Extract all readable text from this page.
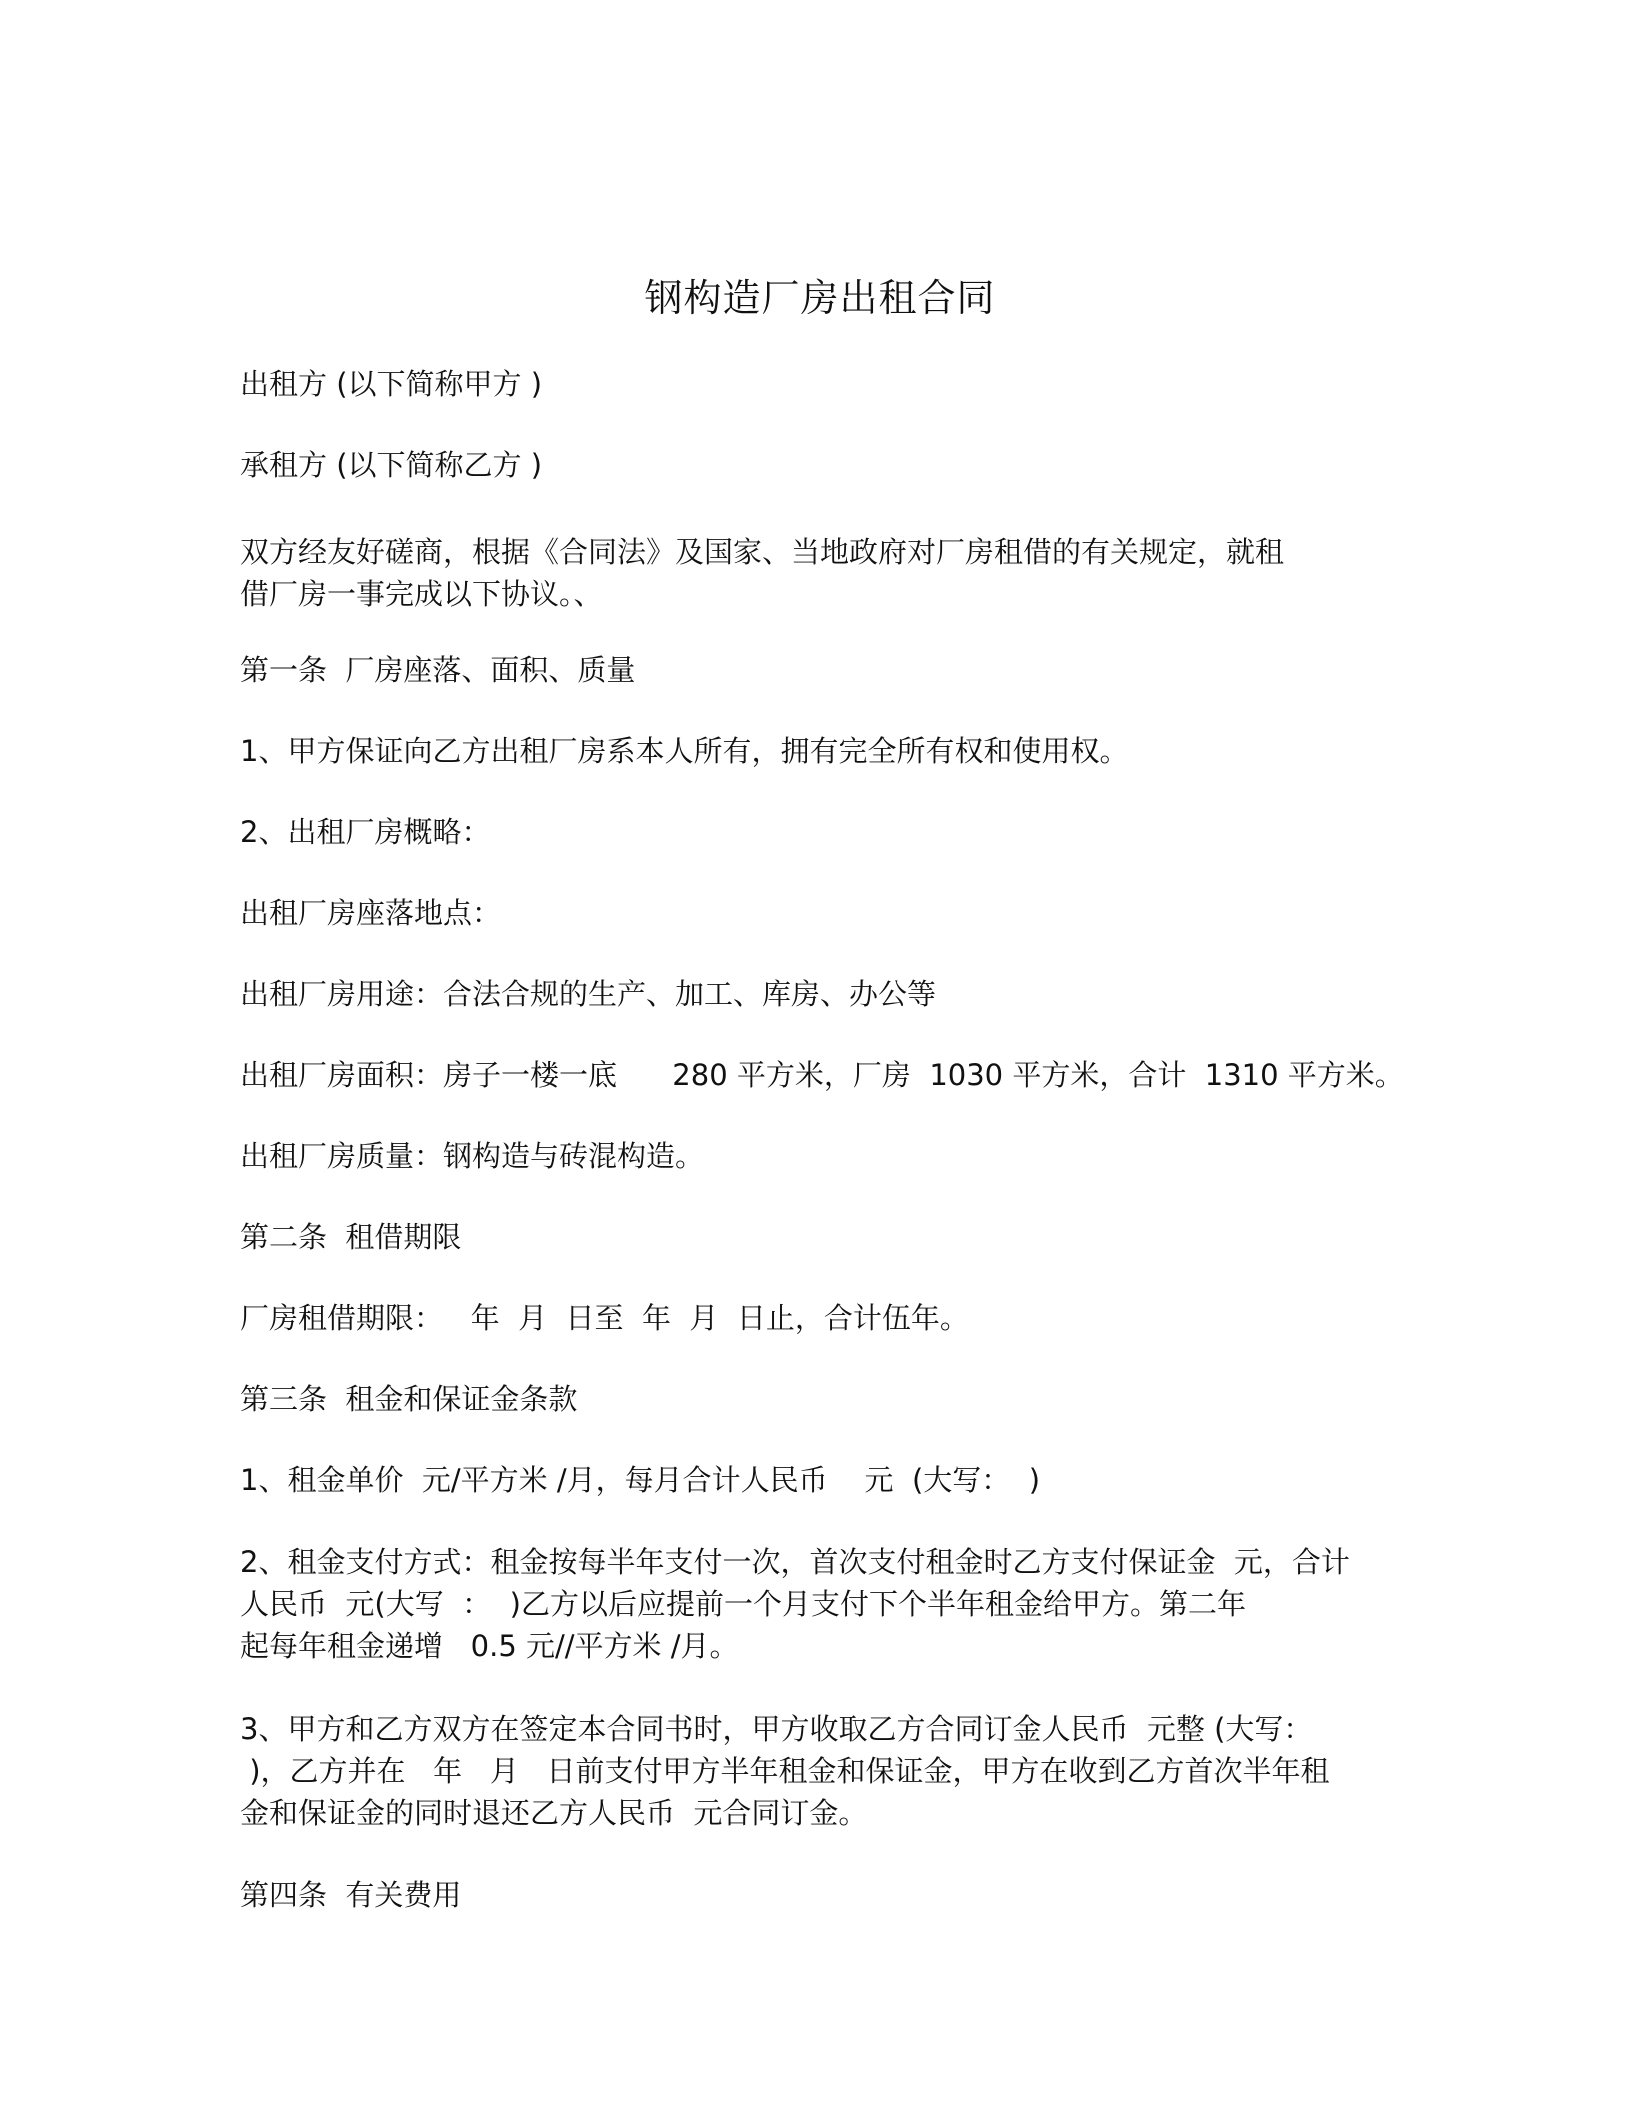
钢构造厂房出租合同
出租方 (以下简称甲方 )
承租方 (以下简称乙方 )
双方经友好磋商，根据《合同法》及国家、当地政府对厂房租借的有关规定，就租
借厂房一事完成以下协议。、
第一条  厂房座落、面积、质量
1、甲方保证向乙方出租厂房系本人所有，拥有完全所有权和使用权。
2、出租厂房概略：
出租厂房座落地点：
出租厂房用途：合法合规的生产、加工、库房、办公等
出租厂房面积：房子一楼一底      280 平方米，厂房  1030 平方米，合计  1310 平方米。
出租厂房质量：钢构造与砖混构造。
第二条  租借期限
厂房租借期限：   年  月  日至  年  月  日止，合计伍年。
第三条  租金和保证金条款
1、租金单价  元/平方米 /月，每月合计人民币    元  (大写：  )
2、租金支付方式：租金按每半年支付一次，首次支付租金时乙方支付保证金  元，合计
人民币  元(大写  ：  )乙方以后应提前一个月支付下个半年租金给甲方。第二年
起每年租金递增   0.5 元//平方米 /月。
3、甲方和乙方双方在签定本合同书时，甲方收取乙方合同订金人民币  元整 (大写：
)，乙方并在   年   月   日前支付甲方半年租金和保证金，甲方在收到乙方首次半年租
金和保证金的同时退还乙方人民币  元合同订金。
第四条  有关费用
